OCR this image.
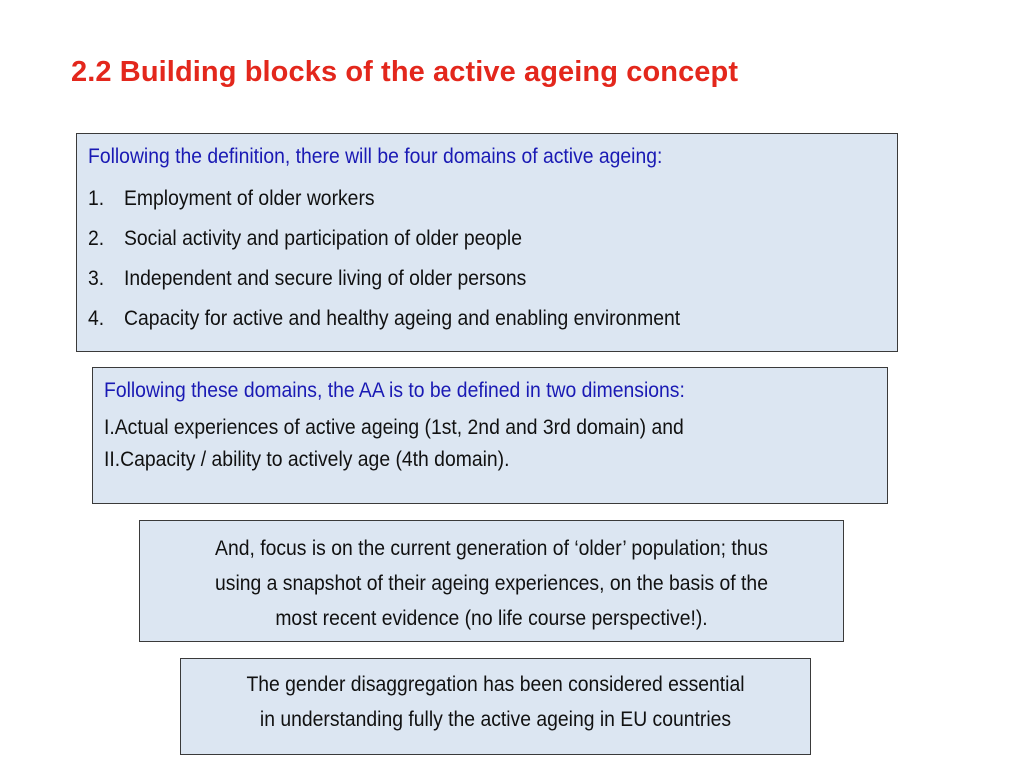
2.2 Building blocks of the active ageing concept
Following the definition, there will be four domains of active ageing:
1. Employment of older workers
2. Social activity and participation of older people
3. Independent and secure living of older persons
4. Capacity for active and healthy ageing and enabling environment
Following these domains, the AA is to be defined in two dimensions:
I.Actual experiences of active ageing (1st, 2nd and 3rd domain) and
II.Capacity / ability to actively age (4th domain).
And, focus is on the current generation of ‘older’ population; thus
using a snapshot of their ageing experiences, on the basis of the
most recent evidence (no life course perspective!).
The gender disaggregation has been considered essential
in understanding fully the active ageing in EU countries
